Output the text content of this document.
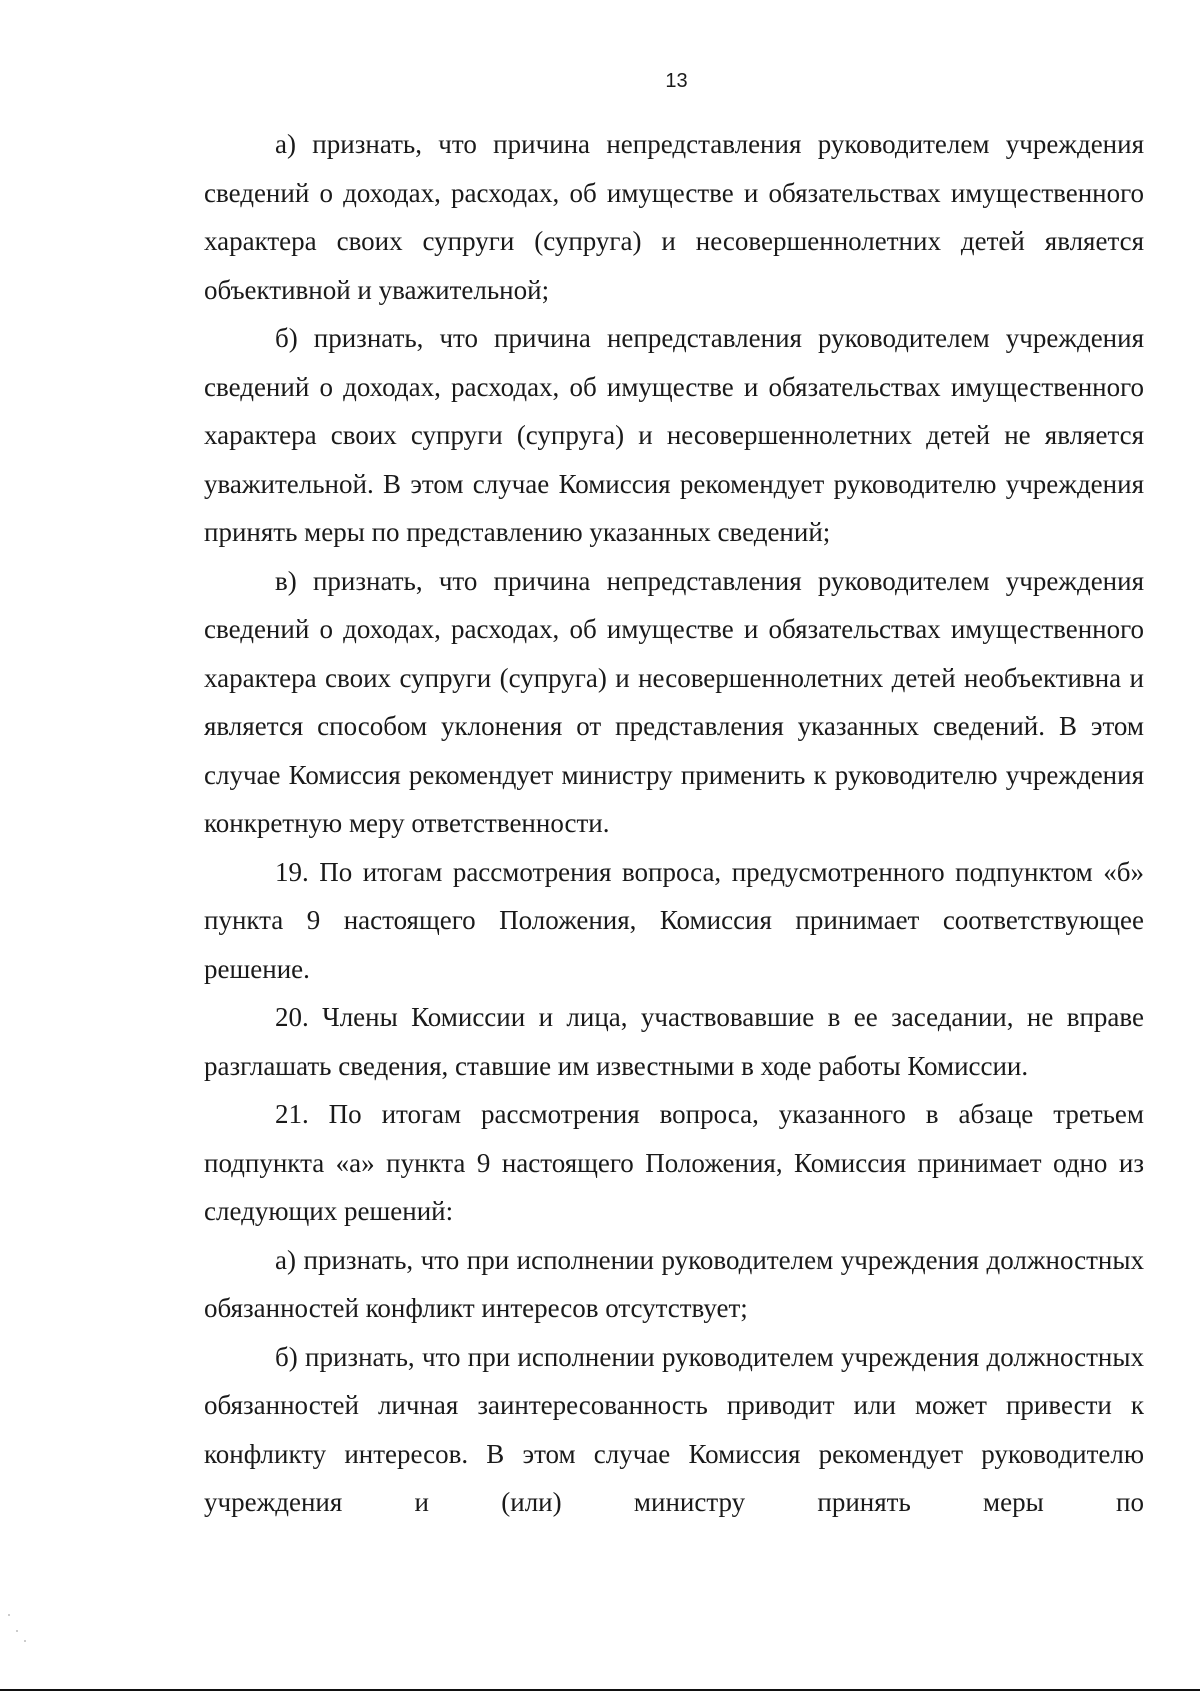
13

а) признать, что причина непредставления руководителем учреждения сведений о доходах, расходах, об имуществе и обязательствах имущественного характера своих супруги (супруга) и несовершеннолетних детей является объективной и уважительной;

б) признать, что причина непредставления руководителем учреждения сведений о доходах, расходах, об имуществе и обязательствах имущественного характера своих супруги (супруга) и несовершеннолетних детей не является уважительной. В этом случае Комиссия рекомендует руководителю учреждения принять меры по представлению указанных сведений;

в) признать, что причина непредставления руководителем учреждения сведений о доходах, расходах, об имуществе и обязательствах имущественного характера своих супруги (супруга) и несовершеннолетних детей необъективна и является способом уклонения от представления указанных сведений. В этом случае Комиссия рекомендует министру применить к руководителю учреждения конкретную меру ответственности.

19. По итогам рассмотрения вопроса, предусмотренного подпунктом «б» пункта 9 настоящего Положения, Комиссия принимает соответствующее решение.

20. Члены Комиссии и лица, участвовавшие в ее заседании, не вправе разглашать сведения, ставшие им известными в ходе работы Комиссии.

21. По итогам рассмотрения вопроса, указанного в абзаце третьем подпункта «а» пункта 9 настоящего Положения, Комиссия принимает одно из следующих решений:

а) признать, что при исполнении руководителем учреждения должностных обязанностей конфликт интересов отсутствует;

б) признать, что при исполнении руководителем учреждения должностных обязанностей личная заинтересованность приводит или может привести к конфликту интересов. В этом случае Комиссия рекомендует руководителю учреждения и (или) министру принять меры по
